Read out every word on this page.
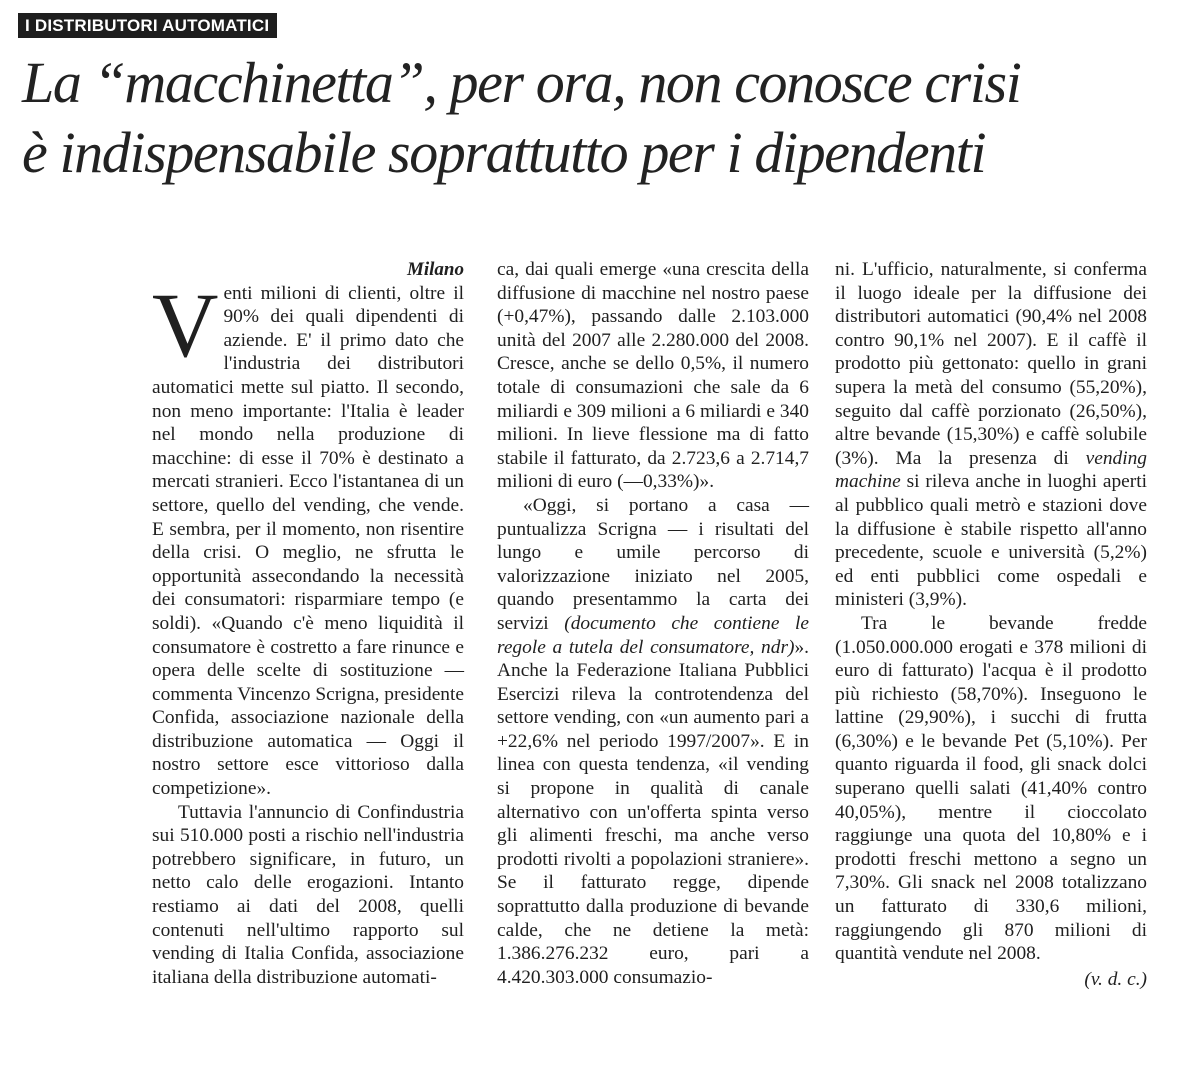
I DISTRIBUTORI AUTOMATICI
La “macchinetta”, per ora, non conosce crisi
è indispensabile soprattutto per i dipendenti
Milano

Venti milioni di clienti, oltre il 90% dei quali dipendenti di aziende. E' il primo dato che l'industria dei distributori automatici mette sul piatto. Il secondo, non meno importante: l'Italia è leader nel mondo nella produzione di macchine: di esse il 70% è destinato a mercati stranieri. Ecco l'istantanea di un settore, quello del vending, che vende. E sembra, per il momento, non risentire della crisi. O meglio, ne sfrutta le opportunità assecondando la necessità dei consumatori: risparmiare tempo (e soldi). «Quando c'è meno liquidità il consumatore è costretto a fare rinunce e opera delle scelte di sostituzione — commenta Vincenzo Scrigna, presidente Confida, associazione nazionale della distribuzione automatica — Oggi il nostro settore esce vittorioso dalla competizione».

Tuttavia l'annuncio di Confindustria sui 510.000 posti a rischio nell'industria potrebbero significare, in futuro, un netto calo delle erogazioni. Intanto restiamo ai dati del 2008, quelli contenuti nell'ultimo rapporto sul vending di Italia Confida, associazione italiana della distribuzione automati-

ca, dai quali emerge «una crescita della diffusione di macchine nel nostro paese (+0,47%), passando dalle 2.103.000 unità del 2007 alle 2.280.000 del 2008. Cresce, anche se dello 0,5%, il numero totale di consumazioni che sale da 6 miliardi e 309 milioni a 6 miliardi e 340 milioni. In lieve flessione ma di fatto stabile il fatturato, da 2.723,6 a 2.714,7 milioni di euro (—0,33%)».

«Oggi, si portano a casa — puntualizza Scrigna — i risultati del lungo e umile percorso di valorizzazione iniziato nel 2005, quando presentammo la carta dei servizi (documento che contiene le regole a tutela del consumatore, ndr)». Anche la Federazione Italiana Pubblici Esercizi rileva la controtendenza del settore vending, con «un aumento pari a +22,6% nel periodo 1997/2007». E in linea con questa tendenza, «il vending si propone in qualità di canale alternativo con un'offerta spinta verso gli alimenti freschi, ma anche verso prodotti rivolti a popolazioni straniere». Se il fatturato regge, dipende soprattutto dalla produzione di bevande calde, che ne detiene la metà: 1.386.276.232 euro, pari a 4.420.303.000 consumazio-

ni. L'ufficio, naturalmente, si conferma il luogo ideale per la diffusione dei distributori automatici (90,4% nel 2008 contro 90,1% nel 2007). E il caffè il prodotto più gettonato: quello in grani supera la metà del consumo (55,20%), seguito dal caffè porzionato (26,50%), altre bevande (15,30%) e caffè solubile (3%). Ma la presenza di vending machine si rileva anche in luoghi aperti al pubblico quali metrò e stazioni dove la diffusione è stabile rispetto all'anno precedente, scuole e università (5,2%) ed enti pubblici come ospedali e ministeri (3,9%).

Tra le bevande fredde (1.050.000.000 erogati e 378 milioni di euro di fatturato) l'acqua è il prodotto più richiesto (58,70%). Inseguono le lattine (29,90%), i succhi di frutta (6,30%) e le bevande Pet (5,10%). Per quanto riguarda il food, gli snack dolci superano quelli salati (41,40% contro 40,05%), mentre il cioccolato raggiunge una quota del 10,80% e i prodotti freschi mettono a segno un 7,30%. Gli snack nel 2008 totalizzano un fatturato di 330,6 milioni, raggiungendo gli 870 milioni di quantità vendute nel 2008.

(v. d. c.)
